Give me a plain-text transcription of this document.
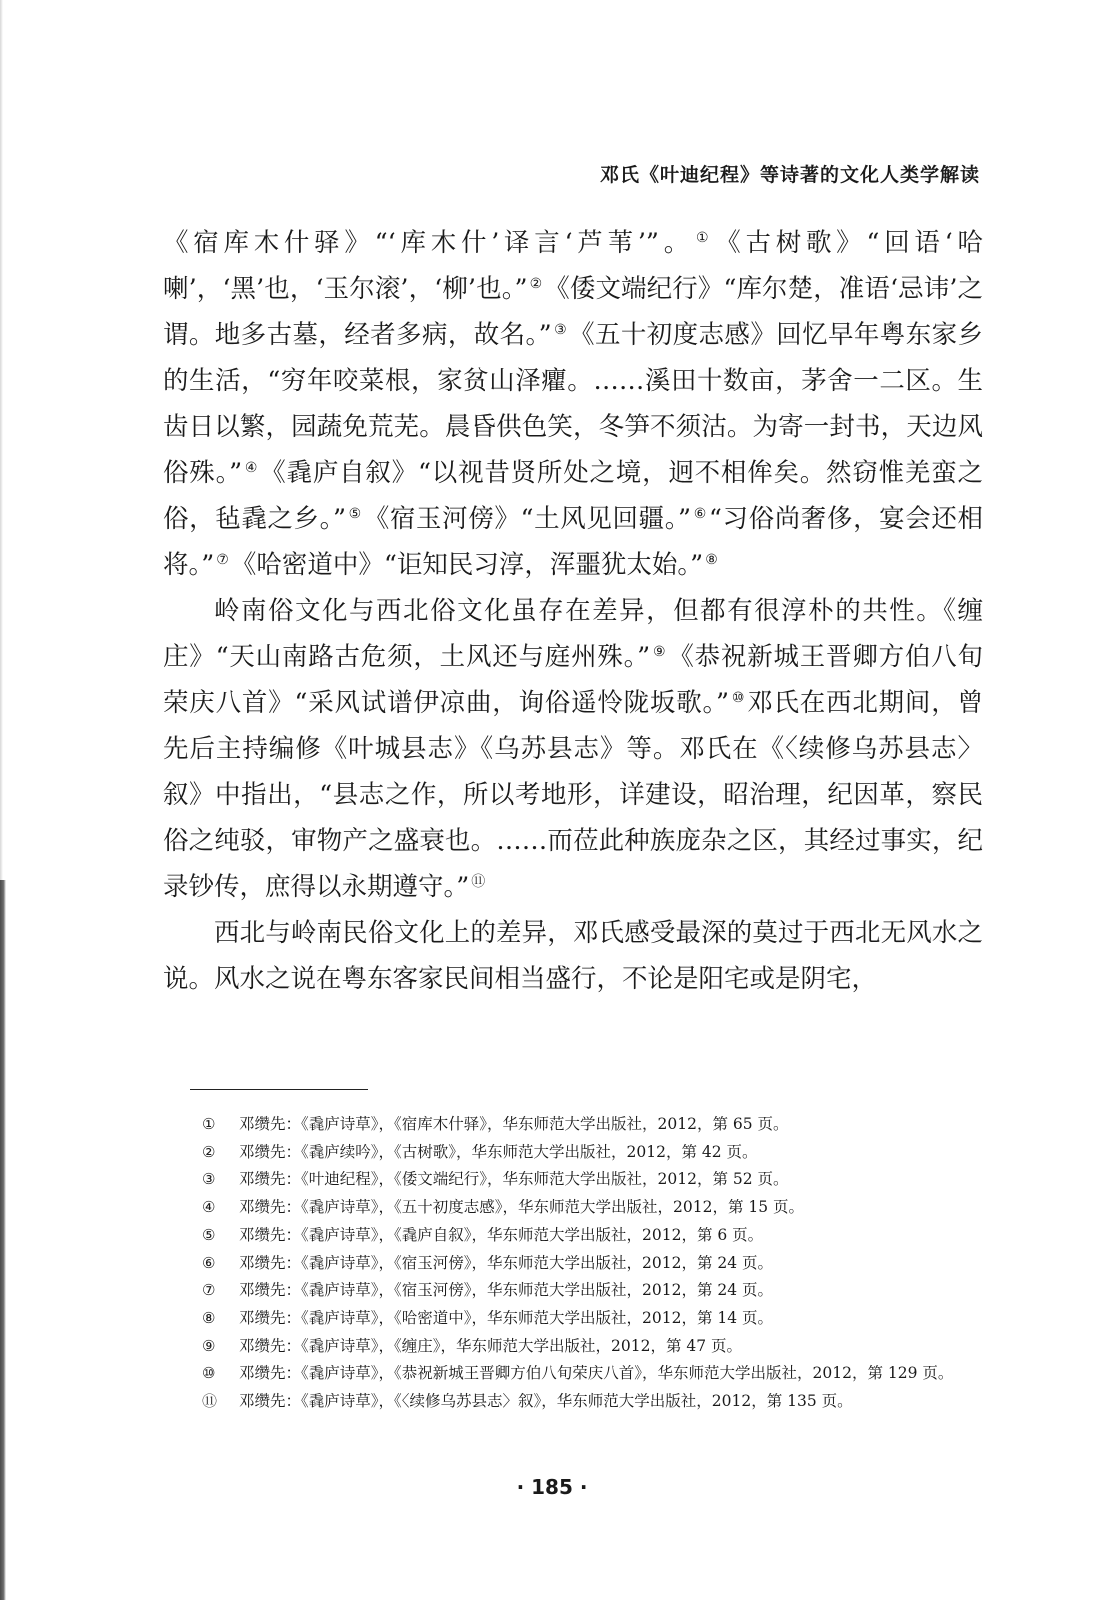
邓氏《叶迪纪程》等诗著的文化人类学解读

《宿库木什驿》“‘库木什’译言‘芦苇’”。 ①《古树歌》“回语‘哈喇’，‘黑’也，‘玉尔滚’，‘柳’也。” ②《倭文端纪行》“库尔楚，准语‘忌讳’之谓。地多古墓，经者多病，故名。” ③《五十初度志感》回忆早年粤东家乡的生活，“穷年咬菜根，家贫山泽癯。……溪田十数亩，茅舍一二区。生齿日以繁，园蔬免荒芜。晨昏供色笑，冬笋不须沽。为寄一封书，天边风俗殊。” ④《毳庐自叙》“以视昔贤所处之境，迥不相侔矣。然窃惟羌蛮之俗，毡毳之乡。” ⑤《宿玉河傍》“土风见回疆。” ⑥“习俗尚奢侈，宴会还相将。” ⑦《哈密道中》“讵知民习淳，浑噩犹太始。” ⑧

岭南俗文化与西北俗文化虽存在差异，但都有很淳朴的共性。《缠庄》“天山南路古危须，土风还与庭州殊。” ⑨《恭祝新城王晋卿方伯八旬荣庆八首》“采风试谱伊凉曲，询俗遥怜陇坂歌。” ⑩邓氏在西北期间，曾先后主持编修《叶城县志》《乌苏县志》等。邓氏在《〈续修乌苏县志〉叙》中指出，“县志之作，所以考地形，详建设，昭治理，纪因革，察民俗之纯驳，审物产之盛衰也。……而莅此种族庞杂之区，其经过事实，纪录钞传，庶得以永期遵守。” ⑪

西北与岭南民俗文化上的差异，邓氏感受最深的莫过于西北无风水之说。风水之说在粤东客家民间相当盛行，不论是阳宅或是阴宅，

① 邓缵先：《毳庐诗草》，《宿库木什驿》，华东师范大学出版社，2012，第 65 页。
② 邓缵先：《毳庐续吟》，《古树歌》，华东师范大学出版社，2012，第 42 页。
③ 邓缵先：《叶迪纪程》，《倭文端纪行》，华东师范大学出版社，2012，第 52 页。
④ 邓缵先：《毳庐诗草》，《五十初度志感》，华东师范大学出版社，2012，第 15 页。
⑤ 邓缵先：《毳庐诗草》，《毳庐自叙》，华东师范大学出版社，2012，第 6 页。
⑥ 邓缵先：《毳庐诗草》，《宿玉河傍》，华东师范大学出版社，2012，第 24 页。
⑦ 邓缵先：《毳庐诗草》，《宿玉河傍》，华东师范大学出版社，2012，第 24 页。
⑧ 邓缵先：《毳庐诗草》，《哈密道中》，华东师范大学出版社，2012，第 14 页。
⑨ 邓缵先：《毳庐诗草》，《缠庄》，华东师范大学出版社，2012，第 47 页。
⑩ 邓缵先：《毳庐诗草》，《恭祝新城王晋卿方伯八旬荣庆八首》，华东师范大学出版社，2012，第 129 页。
⑪ 邓缵先：《毳庐诗草》，《〈续修乌苏县志〉叙》，华东师范大学出版社，2012，第 135 页。
· 185 ·
